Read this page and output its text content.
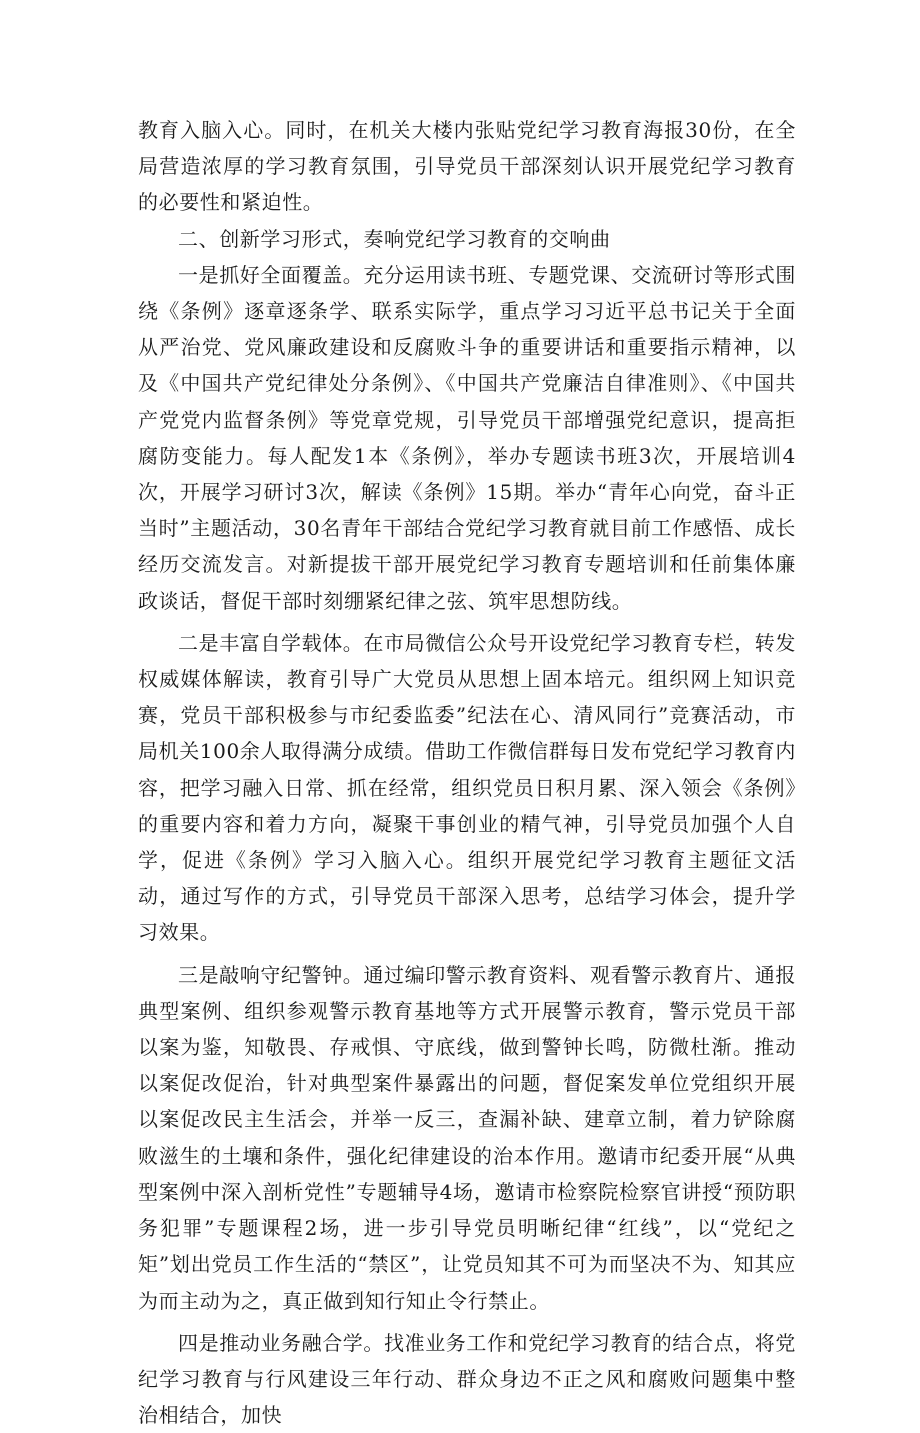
教育入脑入心。同时，在机关大楼内张贴党纪学习教育海报30份，在全局营造浓厚的学习教育氛围，引导党员干部深刻认识开展党纪学习教育的必要性和紧迫性。

二、创新学习形式，奏响党纪学习教育的交响曲

一是抓好全面覆盖。充分运用读书班、专题党课、交流研讨等形式围绕《条例》逐章逐条学、联系实际学，重点学习习近平总书记关于全面从严治党、党风廉政建设和反腐败斗争的重要讲话和重要指示精神，以及《中国共产党纪律处分条例》、《中国共产党廉洁自律准则》、《中国共产党党内监督条例》等党章党规，引导党员干部增强党纪意识，提高拒腐防变能力。每人配发1本《条例》，举办专题读书班3次，开展培训4次，开展学习研讨3次，解读《条例》15期。举办“青年心向党，奋斗正当时”主题活动，30名青年干部结合党纪学习教育就目前工作感悟、成长经历交流发言。对新提拔干部开展党纪学习教育专题培训和任前集体廉政谈话，督促干部时刻绷紧纪律之弦、筑牢思想防线。

二是丰富自学载体。在市局微信公众号开设党纪学习教育专栏，转发权威媒体解读，教育引导广大党员从思想上固本培元。组织网上知识竞赛，党员干部积极参与市纪委监委”纪法在心、清风同行”竞赛活动，市局机关100余人取得满分成绩。借助工作微信群每日发布党纪学习教育内容，把学习融入日常、抓在经常，组织党员日积月累、深入领会《条例》的重要内容和着力方向，凝聚干事创业的精气神，引导党员加强个人自学，促进《条例》学习入脑入心。组织开展党纪学习教育主题征文活动，通过写作的方式，引导党员干部深入思考，总结学习体会，提升学习效果。

三是敲响守纪警钟。通过编印警示教育资料、观看警示教育片、通报典型案例、组织参观警示教育基地等方式开展警示教育，警示党员干部以案为鉴，知敬畏、存戒惧、守底线，做到警钟长鸣，防微杜渐。推动以案促改促治，针对典型案件暴露出的问题，督促案发单位党组织开展以案促改民主生活会，并举一反三，查漏补缺、建章立制，着力铲除腐败滋生的土壤和条件，强化纪律建设的治本作用。邀请市纪委开展“从典型案例中深入剖析党性”专题辅导4场，邀请市检察院检察官讲授“预防职务犯罪”专题课程2场，进一步引导党员明晰纪律“红线”，以“党纪之矩”划出党员工作生活的“禁区”，让党员知其不可为而坚决不为、知其应为而主动为之，真正做到知行知止令行禁止。

四是推动业务融合学。找准业务工作和党纪学习教育的结合点，将党纪学习教育与行风建设三年行动、群众身边不正之风和腐败问题集中整治相结合，加快
